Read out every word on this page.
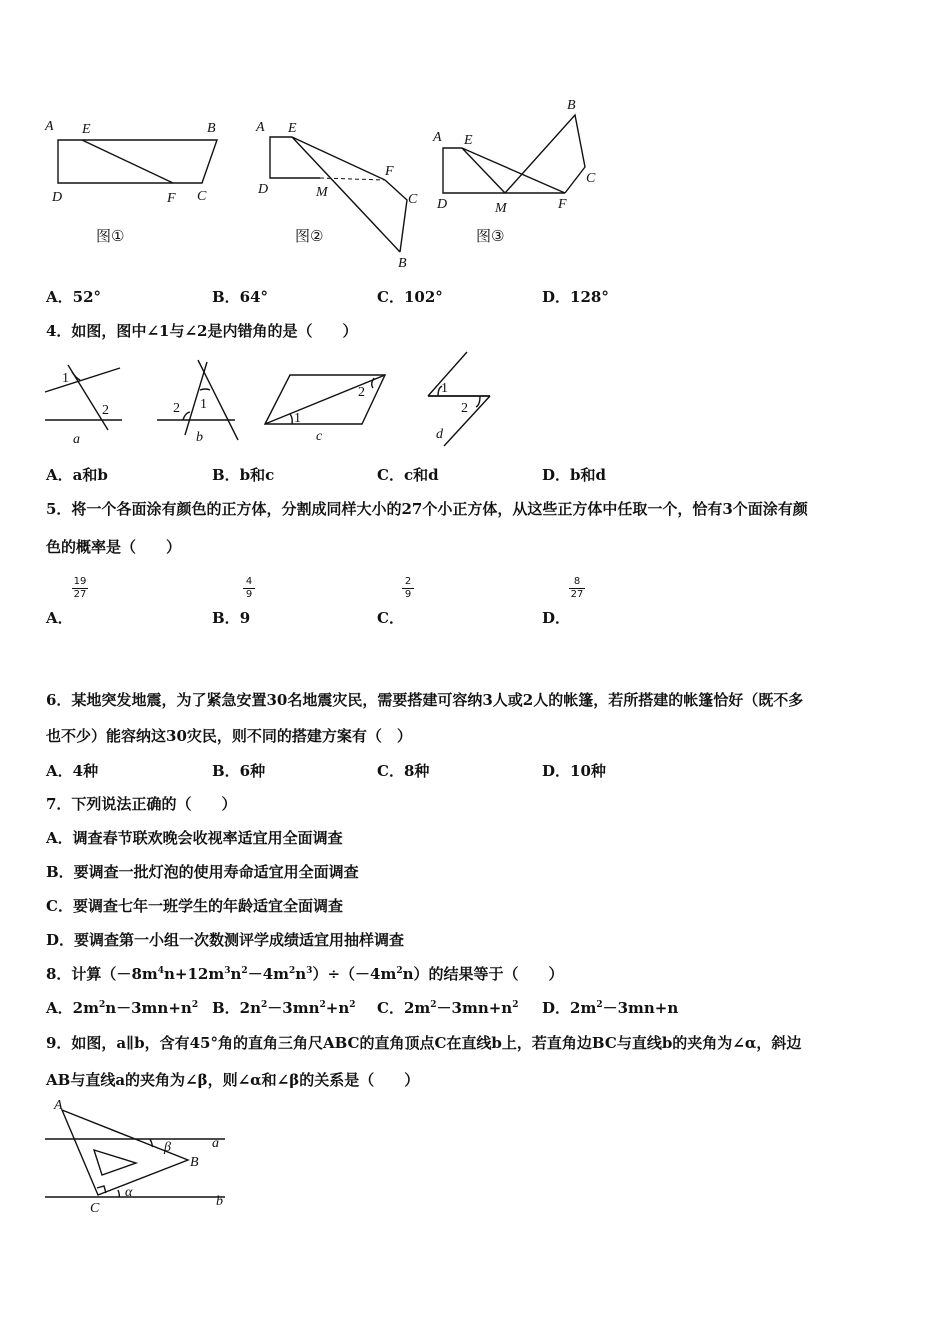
A E	B
D	F C
A E
F
D	M	C
B
A E
B
C
D	M	F
图①	图②	图③
A．52°	B．64°	C．102°	D．128°
4．如图，图中∠1与∠2是内错角的是（　　）
1
2
a
2 1
b
1
2
c
1
2
d
A．a和b	B．b和c	C．c和d	D．b和d
5．将一个各面涂有颜色的正方体，分割成同样大小的27个小正方体，从这些正方体中任取一个，恰有3个面涂有颜
色的概率是（　　）
A．
$\frac{19}{27}$
B．9
$\frac{4}{9}$
C．
$\frac{2}{9}$
D．
$\frac{8}{27}$
6．某地突发地震，为了紧急安置30名地震灾民，需要搭建可容纳3人或2人的帐篷，若所搭建的帐篷恰好（既不多
也不少）能容纳这30灾民，则不同的搭建方案有（　）
A．4种	B．6种	C．8种	D．10种
7．下列说法正确的（　　）
A．调查春节联欢晚会收视率适宜用全面调查
B．要调查一批灯泡的使用寿命适宜用全面调查
C．要调查七年一班学生的年龄适宜全面调查
D．要调查第一小组一次数测评学成绩适宜用抽样调查
8．计算$(-8m^4n+12m^3n^2-4m^2n^3)\div(-4m^2n)$的结果等于（　　）
A．$2m^2n-3mn+n^2$ B．$2n^2-3mn^2+n^2$ C．$2m^2-3mn+n^2$ D．$2m^2-3mn+n$
9．如图，a∥b，含有45°角的直角三角尺ABC的直角顶点C在直线b上，若直角边BC与直线b的夹角为∠α，斜边
AB与直线a的夹角为∠β，则∠α和∠β的关系是（　　）
A
B
C
a
b
α
β
